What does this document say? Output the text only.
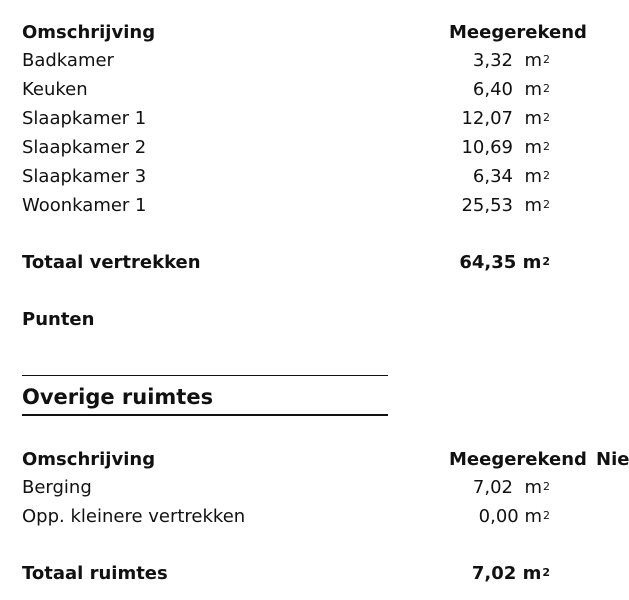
Omschrijving	Meegerekend
Badkamer	3,32 $m^2$
Keuken	6,40 $m^2$
Slaapkamer 1	12,07 $m^2$
Slaapkamer 2	10,69 $m^2$
Slaapkamer 3	6,34 $m^2$
Woonkamer 1	25,53 $m^2$
Totaal vertrekken	64,35 $m^2$
Punten
Overige ruimtes
Omschrijving	Meegerekend Nie
Berging	7,02 $m^2$
Opp. kleinere vertrekken	0,00 $m^2$
Totaal ruimtes	7,02 $m^2$
